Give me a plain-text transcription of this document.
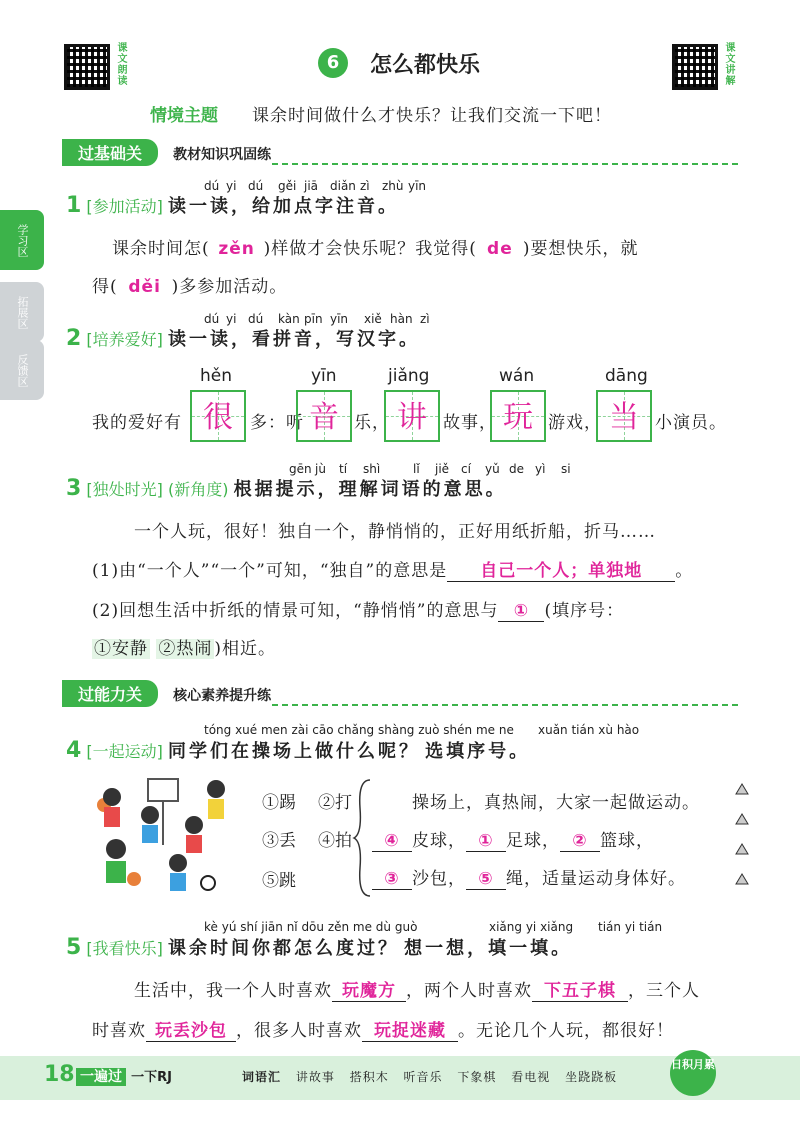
课文朗读	课文讲解
6	怎么都快乐
情境主题 课余时间做什么才快乐？让我们交流一下吧！
过基础关 教材知识巩固练
学习区
拓展区
反馈区
dú yi dú gěi jiā diǎn zì zhù yīn
1 [参加活动] 读一读，给加点字注音。
课余时间怎( zěn )样做才会快乐呢？我觉得( de )要想快乐，就
得( děi )多参加活动。
dú yi dú kàn pīn yīn xiě hàn zì
2 [培养爱好] 读一读，看拼音，写汉字。
hěn	yīn	jiǎng	wán	dāng
我的爱好有 很	多：听 音 乐， 讲 故事， 玩 游戏， 当 小演员。
gēn jù tí shì	lǐ jiě cí yǔ de yì si
3 [独处时光] (新角度) 根据提示，理解词语的意思。
一个人玩，很好！独自一个，静悄悄的，正好用纸折船，折马……
(1)由“一个人”“一个”可知，“独自”的意思是 自己一个人；单独地 。
(2)回想生活中折纸的情景可知，“静悄悄”的意思与 ① (填序号：
①安静 ②热闹 )相近。
过能力关 核心素养提升练
tóng xué men zài cāo chǎng shàng zuò shén me ne xuǎn tián xù hào
4 [一起运动] 同学们在操场上做什么呢？ 选填序号。
①踢 ②打
③丢 ④拍
⑤跳
操场上，真热闹，大家一起做运动。
④ 皮球， ① 足球， ② 篮球，
③ 沙包， ⑤ 绳，适量运动身体好。
kè yú shí jiān nǐ dōu zěn me dù guò	xiǎng yi xiǎng tián yi tián
5 [我看快乐] 课余时间你都怎么度过？ 想一想，填一填。
生活中，我一个人时喜欢 玩魔方 ，两个人时喜欢 下五子棋 ，三个人
时喜欢 玩丢沙包 ，很多人时喜欢 玩捉迷藏 。无论几个人玩，都很好！
18 一遍过 一下RJ	词语汇 讲故事 搭积木 听音乐 下象棋 看电视 坐跷跷板
日积月累
